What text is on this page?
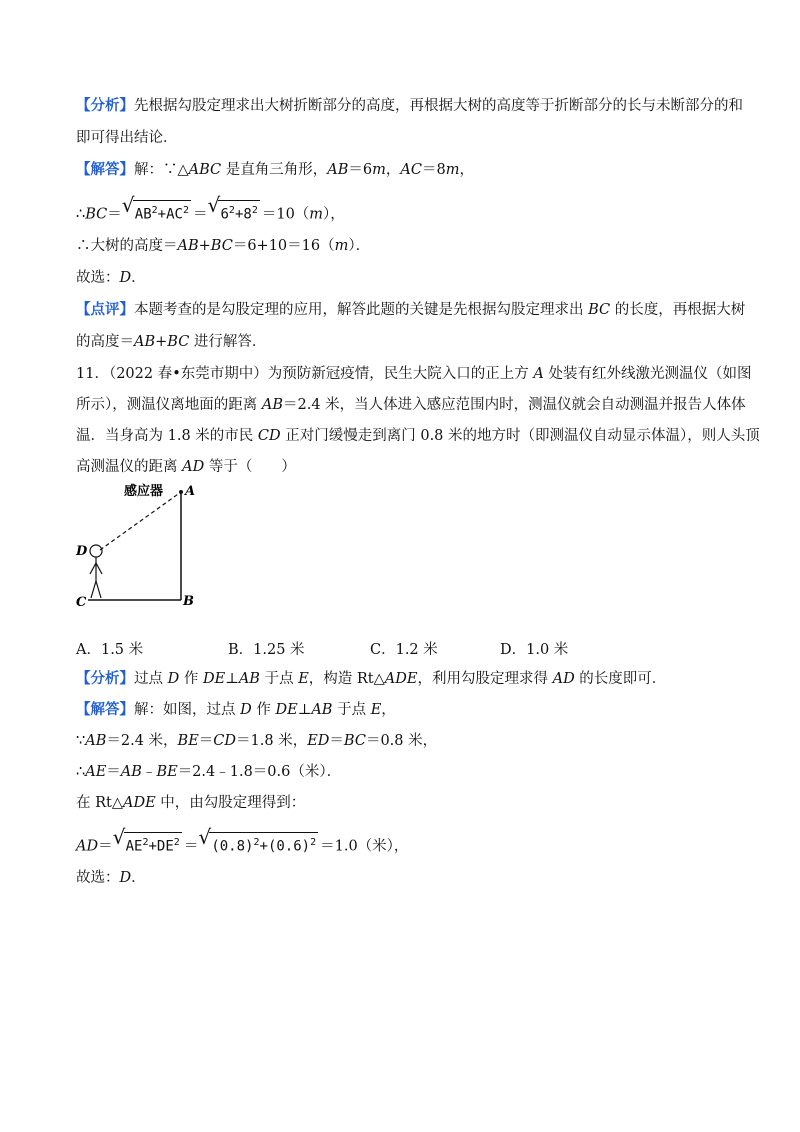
【分析】先根据勾股定理求出大树折断部分的高度，再根据大树的高度等于折断部分的长与未断部分的和
即可得出结论．
【解答】解：∵△ABC 是直角三角形，AB＝6m，AC＝8m，
∴BC＝ √ $AB^2+AC^2$ ＝ √ $6^2+8^2 =10(m)$，
∴大树的高度＝AB+BC＝6+10＝16（m）．
故选：D．
【点评】本题考查的是勾股定理的应用，解答此题的关键是先根据勾股定理求出 BC 的长度，再根据大树
的高度＝AB+BC 进行解答．
11．（2022 春•东莞市期中）为预防新冠疫情，民生大院入口的正上方 A 处装有红外线激光测温仪（如图
所示），测温仪离地面的距离 AB＝2.4 米，当人体进入感应范围内时，测温仪就会自动测温并报告人体体
温．当身高为 1.8 米的市民 CD 正对门缓慢走到离门 0.8 米的地方时（即测温仪自动显示体温），则人头顶
高测温仪的距离 AD 等于（　　）
感应器 A
D
C	B
A．1.5 米	B．1.25 米	C．1.2 米	D．1.0 米
【分析】过点 D 作 DE⊥AB 于点 E，构造 Rt△ADE，利用勾股定理求得 AD 的长度即可．
【解答】解：如图，过点 D 作 DE⊥AB 于点 E，
∵AB＝2.4 米，BE＝CD＝1.8 米，ED＝BC＝0.8 米，
∴AE＝AB﹣BE＝2.4﹣1.8＝0.6（米）．
在 Rt△ADE 中，由勾股定理得到：
AD＝ √ $AE^2+DE^2$ ＝ √ $(0.8)^2+(0.6)^2 =1.0$（米），
故选：D．
